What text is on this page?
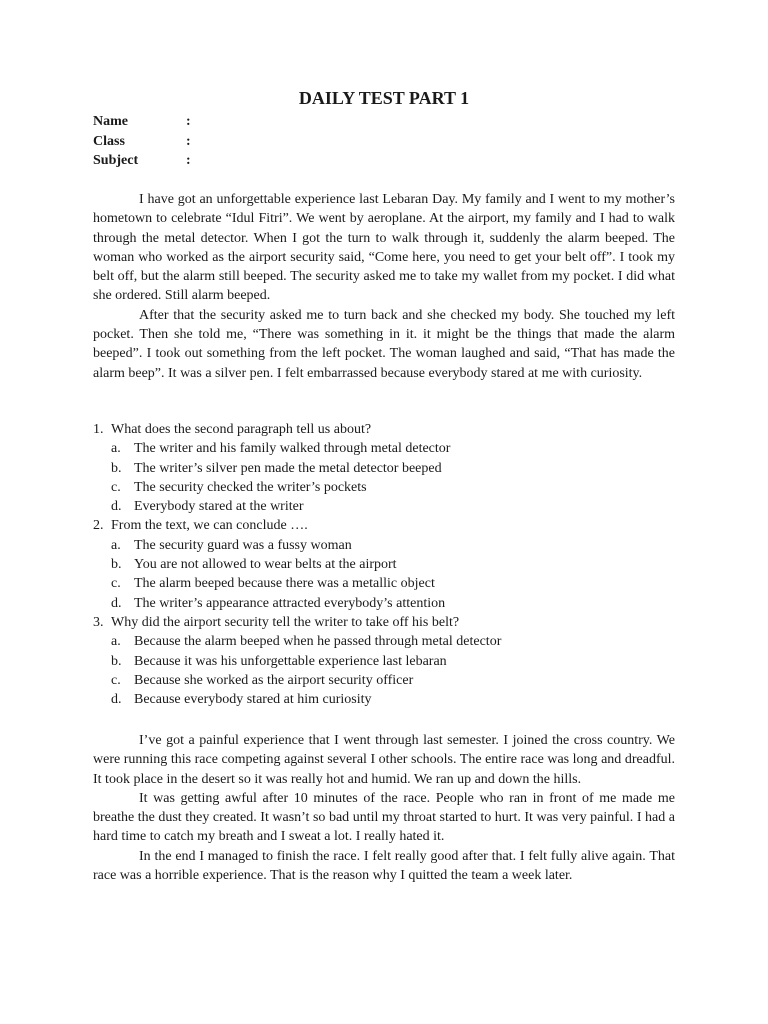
DAILY TEST PART 1
Name	:
Class	:
Subject	:

I have got an unforgettable experience last Lebaran Day. My family and I went to my mother’s hometown to celebrate “Idul Fitri”. We went by aeroplane. At the airport, my family and I had to walk through the metal detector. When I got the turn to walk through it, suddenly the alarm beeped. The woman who worked as the airport security said, “Come here, you need to get your belt off”. I took my belt off, but the alarm still beeped. The security asked me to take my wallet from my pocket. I did what she ordered. Still alarm beeped.

After that the security asked me to turn back and she checked my body. She touched my left pocket. Then she told me, “There was something in it. it might be the things that made the alarm beeped”. I took out something from the left pocket. The woman laughed and said, “That has made the alarm beep”. It was a silver pen. I felt embarrassed because everybody stared at me with curiosity.

1. What does the second paragraph tell us about?
a. The writer and his family walked through metal detector
b. The writer’s silver pen made the metal detector beeped
c. The security checked the writer’s pockets
d. Everybody stared at the writer
2. From the text, we can conclude ….
a. The security guard was a fussy woman
b. You are not allowed to wear belts at the airport
c. The alarm beeped because there was a metallic object
d. The writer’s appearance attracted everybody’s attention
3. Why did the airport security tell the writer to take off his belt?
a. Because the alarm beeped when he passed through metal detector
b. Because it was his unforgettable experience last lebaran
c. Because she worked as the airport security officer
d. Because everybody stared at him curiosity

I’ve got a painful experience that I went through last semester. I joined the cross country. We were running this race competing against several I other schools. The entire race was long and dreadful. It took place in the desert so it was really hot and humid. We ran up and down the hills.

It was getting awful after 10 minutes of the race. People who ran in front of me made me breathe the dust they created. It wasn’t so bad until my throat started to hurt. It was very painful. I had a hard time to catch my breath and I sweat a lot. I really hated it.

In the end I managed to finish the race. I felt really good after that. I felt fully alive again. That race was a horrible experience. That is the reason why I quitted the team a week later.
